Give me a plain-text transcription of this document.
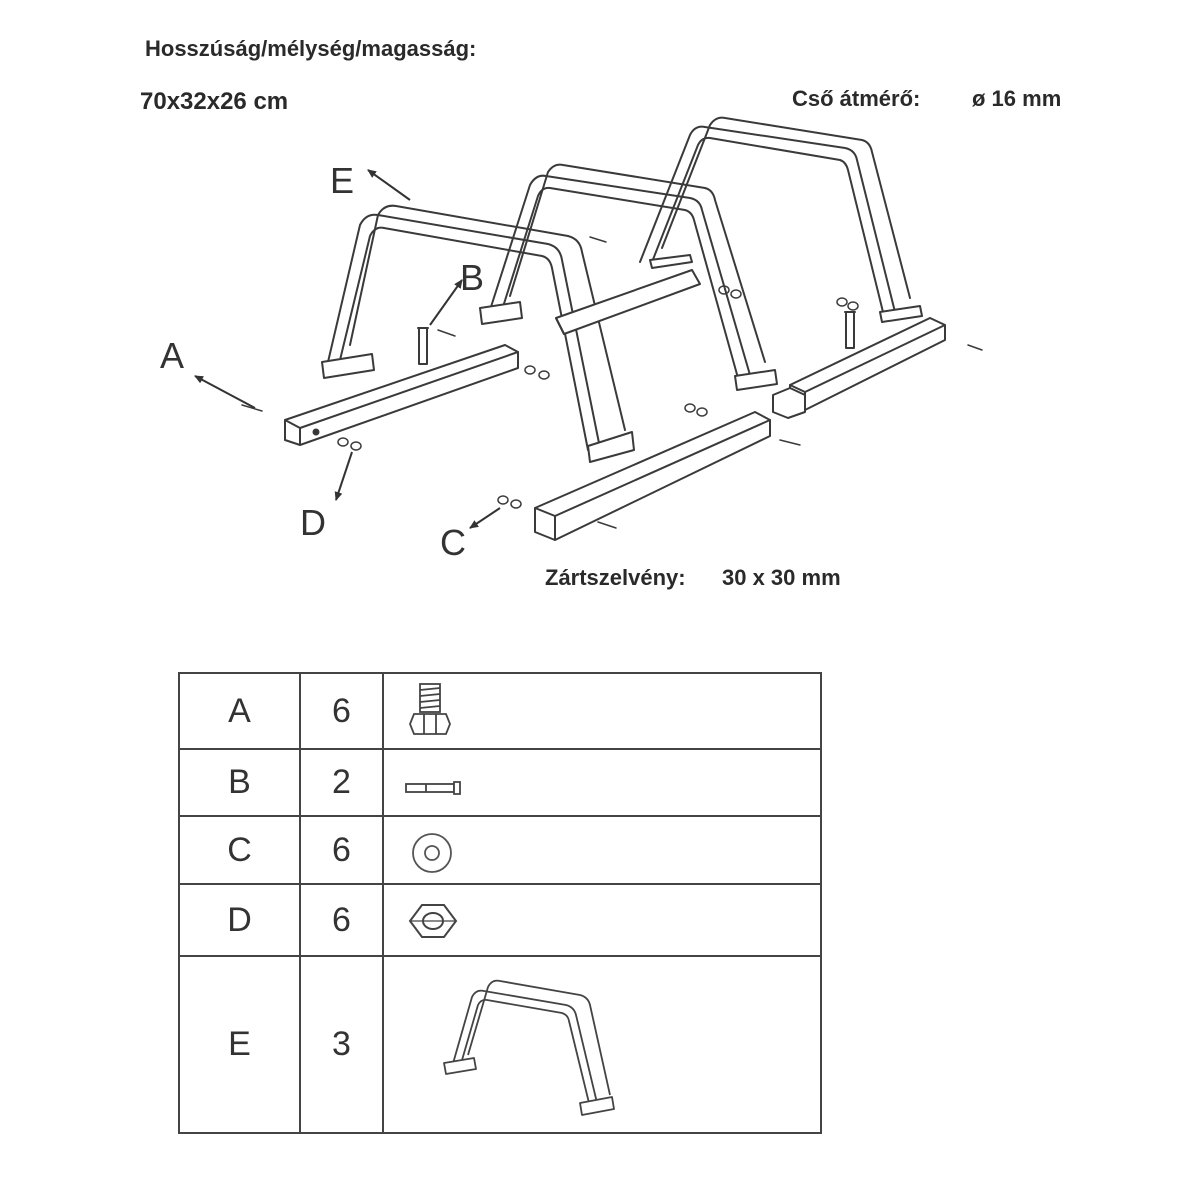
Hosszúság/mélység/magasság:
70x32x26 cm	Cső átmérő: ø 16 mm
A
B
C
D
E
Zártszelvény: 30 x 30 mm
A	6	

B	2	

C	6	

D	6	

E	3	
